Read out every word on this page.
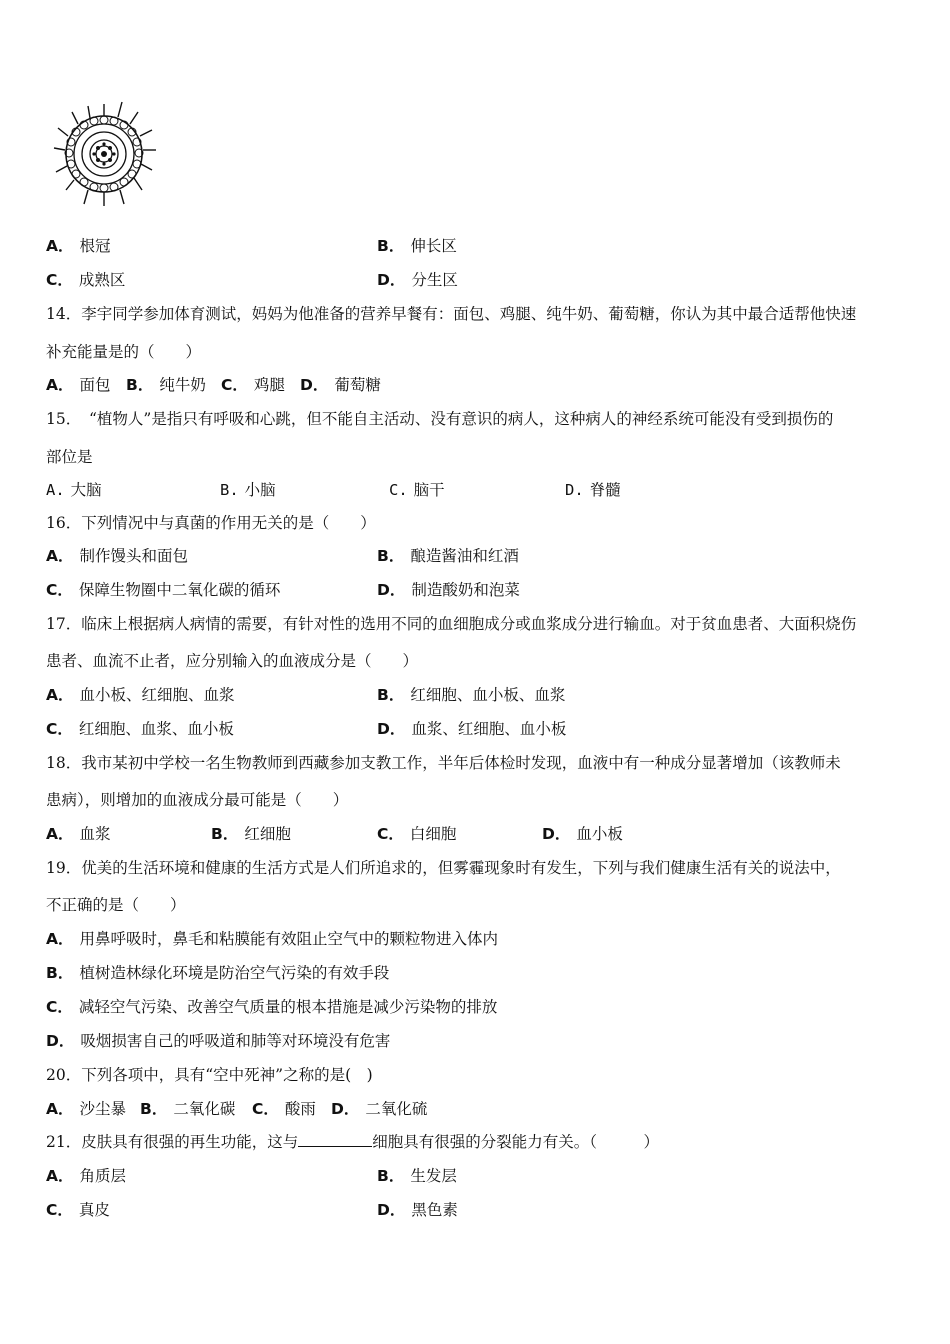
A． 根冠	B． 伸长区
C． 成熟区	D． 分生区
14．李宇同学参加体育测试，妈妈为他准备的营养早餐有：面包、鸡腿、纯牛奶、葡萄糖，你认为其中最合适帮他快速
补充能量是的（　　）
A． 面包 B． 纯牛奶 C． 鸡腿 D． 葡萄糖
15．　“植物人”是指只有呼吸和心跳，但不能自主活动、没有意识的病人，这种病人的神经系统可能没有受到损伤的
部位是
A. 大脑	B. 小脑	C. 脑干	D. 脊髓
16．下列情况中与真菌的作用无关的是（　　）
A． 制作馒头和面包	B． 酿造酱油和红酒
C． 保障生物圈中二氧化碳的循环	D． 制造酸奶和泡菜
17．临床上根据病人病情的需要，有针对性的选用不同的血细胞成分或血浆成分进行输血。对于贫血患者、大面积烧伤
患者、血流不止者，应分别输入的血液成分是（　　）
A． 血小板、红细胞、血浆	B． 红细胞、血小板、血浆
C． 红细胞、血浆、血小板	D． 血浆、红细胞、血小板
18．我市某初中学校一名生物教师到西藏参加支教工作，半年后体检时发现，血液中有一种成分显著增加（该教师未
患病），则增加的血液成分最可能是（　　）
A． 血浆	B． 红细胞	C． 白细胞	D． 血小板
19．优美的生活环境和健康的生活方式是人们所追求的，但雾霾现象时有发生，下列与我们健康生活有关的说法中，
不正确的是（　　）
A． 用鼻呼吸时，鼻毛和粘膜能有效阻止空气中的颗粒物进入体内
B． 植树造林绿化环境是防治空气污染的有效手段
C． 减轻空气污染、改善空气质量的根本措施是减少污染物的排放
D． 吸烟损害自己的呼吸道和肺等对环境没有危害
20．下列各项中，具有“空中死神”之称的是(　)
A． 沙尘暴 B． 二氧化碳 C． 酸雨 D． 二氧化硫
21．皮肤具有很强的再生功能，这与	细胞具有很强的分裂能力有关。（　　　）
A． 角质层	B． 生发层
C． 真皮	D． 黑色素
